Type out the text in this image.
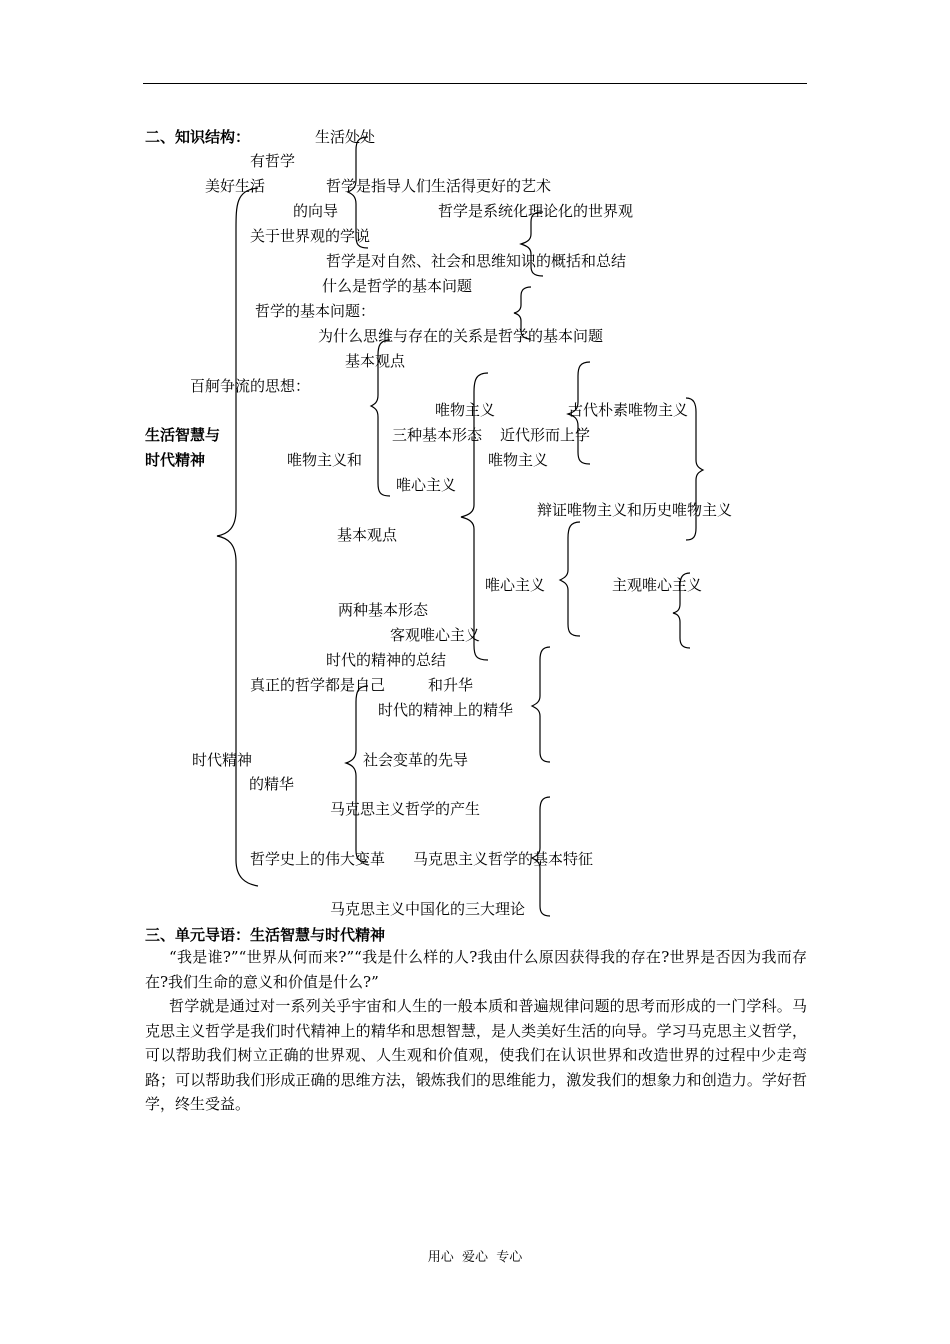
二、知识结构：	生活处处
有哲学
美好生活	哲学是指导人们生活得更好的艺术
的向导	哲学是系统化理论化的世界观
关于世界观的学说
哲学是对自然、社会和思维知识的概括和总结
什么是哲学的基本问题
哲学的基本问题：
为什么思维与存在的关系是哲学的基本问题
基本观点
百舸争流的思想：
唯物主义	古代朴素唯物主义
生活智慧与	三种基本形态 近代形而上学
时代精神	唯物主义和	唯物主义
唯心主义
辩证唯物主义和历史唯物主义
基本观点
唯心主义	主观唯心主义
两种基本形态
客观唯心主义
时代的精神的总结
真正的哲学都是自己	和升华
时代的精神上的精华
时代精神	社会变革的先导
的精华
马克思主义哲学的产生
哲学史上的伟大变革 马克思主义哲学的基本特征
马克思主义中国化的三大理论
三、单元导语：生活智慧与时代精神
“我是谁?”“世界从何而来?”“我是什么样的人?我由什么原因获得我的存在?世界是否因为我而存在?我们生命的意义和价值是什么?”
哲学就是通过对一系列关乎宇宙和人生的一般本质和普遍规律问题的思考而形成的一门学科。马克思主义哲学是我们时代精神上的精华和思想智慧，是人类美好生活的向导。学习马克思主义哲学，可以帮助我们树立正确的世界观、人生观和价值观，使我们在认识世界和改造世界的过程中少走弯路；可以帮助我们形成正确的思维方法，锻炼我们的思维能力，激发我们的想象力和创造力。学好哲学，终生受益。
用心  爱心  专心
